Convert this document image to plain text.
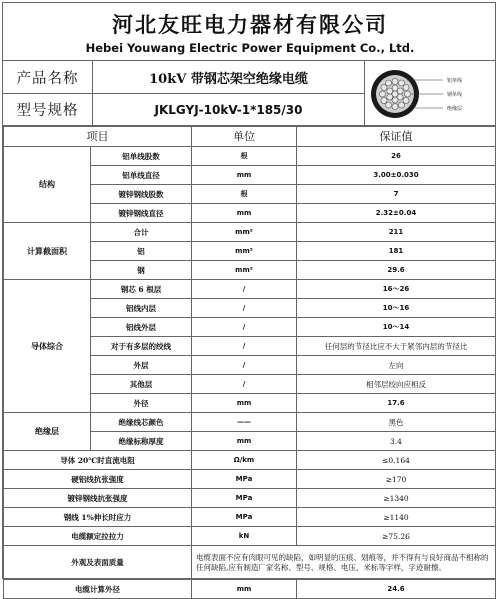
河北友旺电力器材有限公司
Hebei Youwang Electric Power Equipment Co., Ltd.
产品名称	10kV 带钢芯架空绝缘电缆
型号规格	JKLGYJ-10kV-1*185/30
铝单线
钢单线
绝缘层
项目		单位	保证值
结构	铝单线股数	根	26
	铝单线直径	mm	3.00±0.030
	镀锌钢线股数	根	7
	镀锌钢线直径	mm	2.32±0.04
计算截面积	合计	mm²	211
	铝	mm²	181
	钢	mm²	29.6
导体综合	钢芯 6 根层	/	16～26
	铝线内层	/	10～16
	铝线外层	/	10～14
	对于有多层的绞线	/	任何层的节径比应不大于紧邻内层的节径比
	外层	/	左向
	其他层	/	相邻层绞向应相反
	外径	mm	17.6
绝缘层	绝缘线芯颜色	——	黑色
	绝缘标称厚度	mm	3.4
导体 20℃时直流电阻		Ω/km	≤0.164
硬铝线抗张强度		MPa	≥170
镀锌钢线抗张强度		MPa	≥1340
钢线 1%伸长时应力		MPa	≥1140
电缆额定拉拉力		kN	≥75.26
外观及表面质量		电缆表面不应有肉眼可见的缺陷，如明显的压痕、划痕等，并不得有与良好商品不相称的任何缺陷,应有制造厂家名称、型号、规格、电压、米标等字样，字迹耐擦。	
电缆计算外径		mm	24.6
